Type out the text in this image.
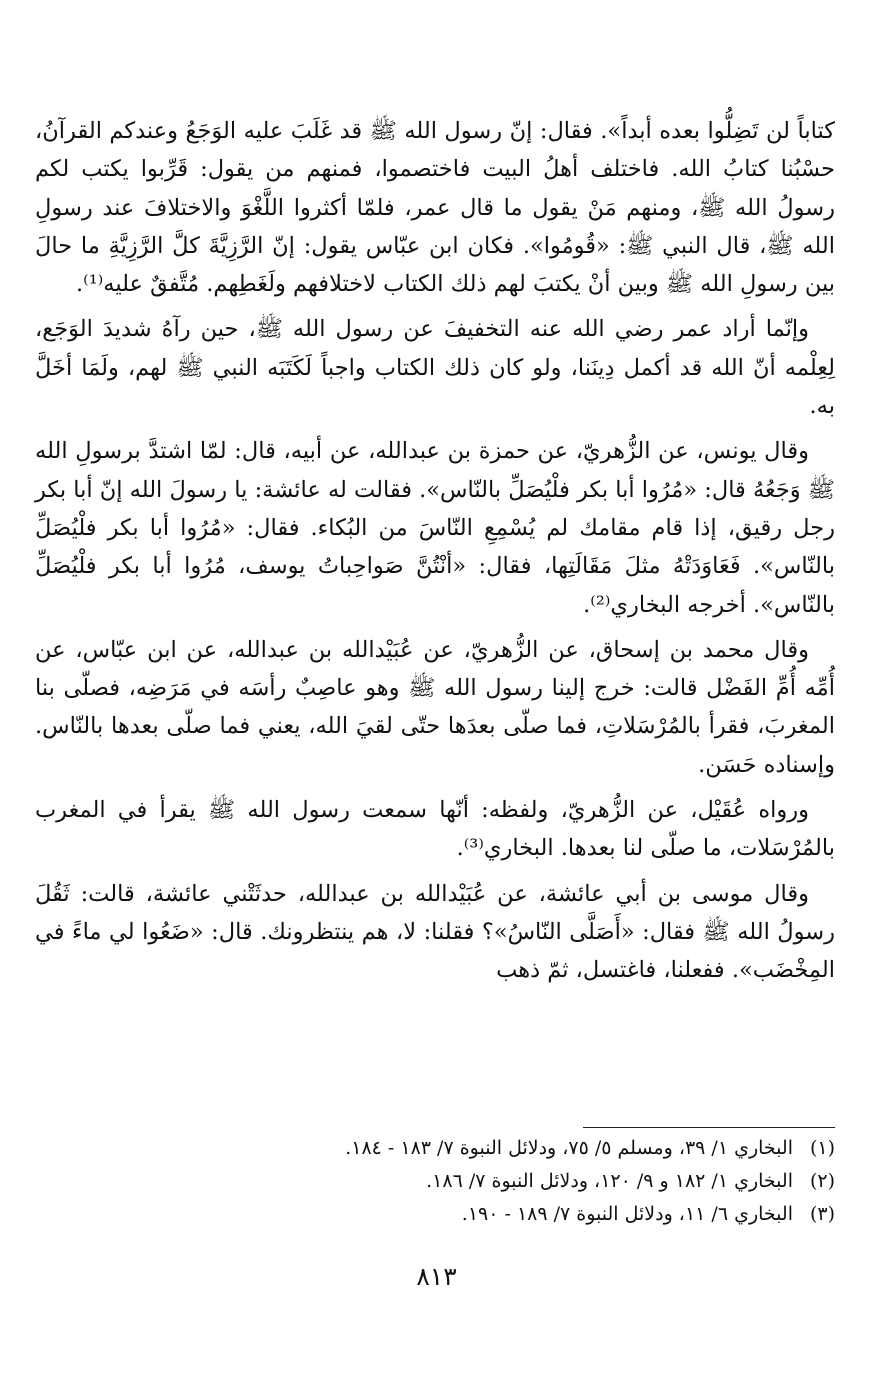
كتاباً لن تَضِلُّوا بعده أبداً». فقال: إنّ رسول الله ﷺ قد غَلَبَ عليه الوَجَعُ وعندكم القرآنُ، حسْبُنا كتابُ الله. فاختلف أهلُ البيت فاختصموا، فمنهم من يقول: قَرِّبوا يكتب لكم رسولُ الله ﷺ، ومنهم مَنْ يقول ما قال عمر، فلمّا أكثروا اللَّغْوَ والاختلافَ عند رسولِ الله ﷺ، قال النبي ﷺ: «قُومُوا». فكان ابن عبّاس يقول: إنّ الرَّزِيَّةَ كلَّ الرَّزِيَّةِ ما حالَ بين رسولِ الله ﷺ وبين أنْ يكتبَ لهم ذلك الكتاب لاختلافهم ولَغَطِهم. مُتَّفقٌ عليه⁽¹⁾.

وإنّما أراد عمر رضي الله عنه التخفيفَ عن رسول الله ﷺ، حين رآهُ شديدَ الوَجَع، لِعِلْمه أنّ الله قد أكمل دِينَنا، ولو كان ذلك الكتاب واجباً لَكَتَبَه النبي ﷺ لهم، ولَمَا أخَلَّ به.

وقال يونس، عن الزُّهريّ، عن حمزة بن عبدالله، عن أبيه، قال: لمّا اشتدَّ برسولِ الله ﷺ وَجَعُهُ قال: «مُرُوا أبا بكر فلْيُصَلِّ بالنّاس». فقالت له عائشة: يا رسولَ الله إنّ أبا بكر رجل رقيق، إذا قام مقامك لم يُسْمِعِ النّاسَ من البُكاء. فقال: «مُرُوا أبا بكر فلْيُصَلِّ بالنّاس». فَعَاوَدَتْهُ مثلَ مَقَالَتِها، فقال: «أنْتُنَّ صَواحِباتُ يوسف، مُرُوا أبا بكر فلْيُصَلِّ بالنّاس». أخرجه البخاري⁽²⁾.

وقال محمد بن إسحاق، عن الزُّهريّ، عن عُبَيْدالله بن عبدالله، عن ابن عبّاس، عن أُمِّه أُمِّ الفَضْل قالت: خرج إلينا رسول الله ﷺ وهو عاصِبٌ رأسَه في مَرَضِه، فصلّى بنا المغربَ، فقرأ بالمُرْسَلاتِ، فما صلّى بعدَها حتّى لقيَ الله، يعني فما صلّى بعدها بالنّاس. وإسناده حَسَن.

ورواه عُقَيْل، عن الزُّهريّ، ولفظه: أنّها سمعت رسول الله ﷺ يقرأ في المغرب بالمُرْسَلات، ما صلّى لنا بعدها. البخاري⁽³⁾.

وقال موسى بن أبي عائشة، عن عُبَيْدالله بن عبدالله، حدثَتْني عائشة، قالت: ثَقُلَ رسولُ الله ﷺ فقال: «أَصَلَّى النّاسُ»؟ فقلنا: لا، هم ينتظرونك. قال: «ضَعُوا لي ماءً في المِخْضَب». ففعلنا، فاغتسل، ثمّ ذهب

(١)
البخاري ١/ ٣٩، ومسلم ٥/ ٧٥، ودلائل النبوة ٧/ ١٨٣ - ١٨٤.
(٢)
البخاري ١/ ١٨٢ و ٩/ ١٢٠، ودلائل النبوة ٧/ ١٨٦.
(٣)
البخاري ٦/ ١١، ودلائل النبوة ٧/ ١٨٩ - ١٩٠.
٨١٣
